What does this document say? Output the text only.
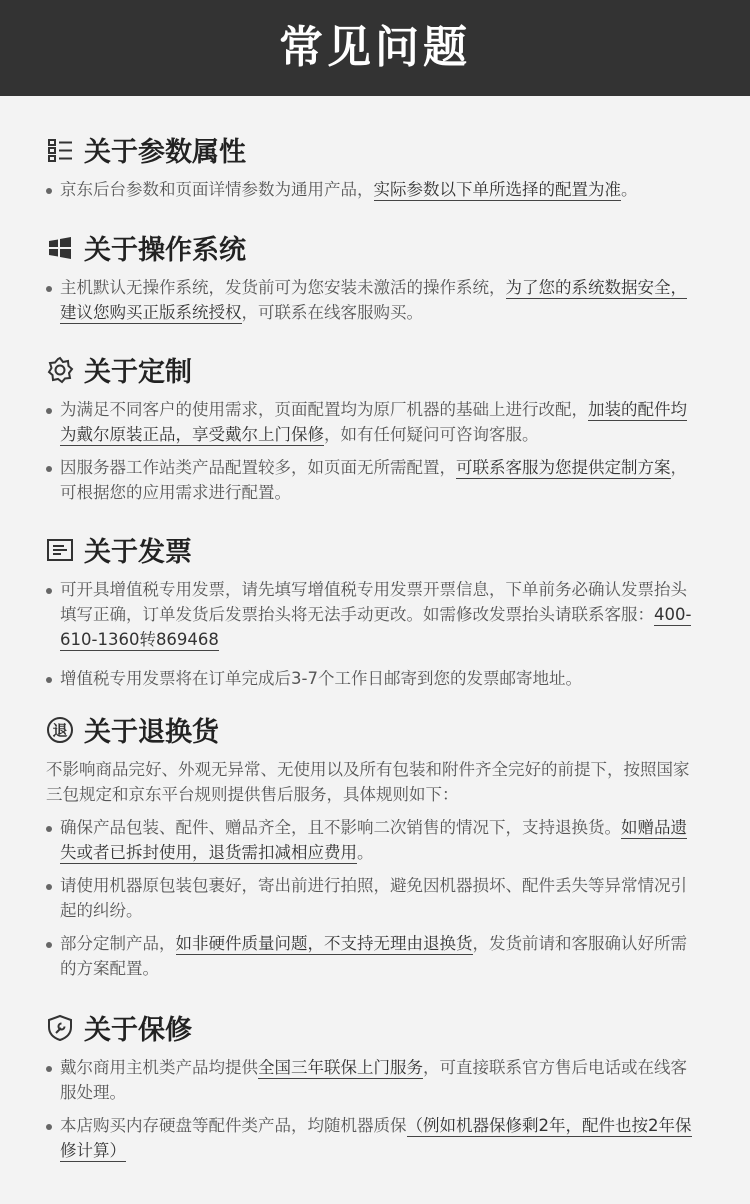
常见问题
关于参数属性
京东后台参数和页面详情参数为通用产品，实际参数以下单所选择的配置为准。
关于操作系统
主机默认无操作系统，发货前可为您安装未激活的操作系统，为了您的系统数据安全，建议您购买正版系统授权，可联系在线客服购买。
关于定制
为满足不同客户的使用需求，页面配置均为原厂机器的基础上进行改配，加装的配件均为戴尔原装正品，享受戴尔上门保修，如有任何疑问可咨询客服。
因服务器工作站类产品配置较多，如页面无所需配置，可联系客服为您提供定制方案，可根据您的应用需求进行配置。
关于发票
可开具增值税专用发票，请先填写增值税专用发票开票信息，下单前务必确认发票抬头填写正确，订单发货后发票抬头将无法手动更改。如需修改发票抬头请联系客服：400-610-1360转869468
增值税专用发票将在订单完成后3-7个工作日邮寄到您的发票邮寄地址。
退 关于退换货
不影响商品完好、外观无异常、无使用以及所有包装和附件齐全完好的前提下，按照国家三包规定和京东平台规则提供售后服务，具体规则如下：
确保产品包装、配件、赠品齐全，且不影响二次销售的情况下，支持退换货。如赠品遗失或者已拆封使用，退货需扣减相应费用。
请使用机器原包装包裹好，寄出前进行拍照，避免因机器损坏、配件丢失等异常情况引起的纠纷。
部分定制产品，如非硬件质量问题，不支持无理由退换货，发货前请和客服确认好所需的方案配置。
关于保修
戴尔商用主机类产品均提供全国三年联保上门服务，可直接联系官方售后电话或在线客服处理。
本店购买内存硬盘等配件类产品，均随机器质保（例如机器保修剩2年，配件也按2年保修计算）
